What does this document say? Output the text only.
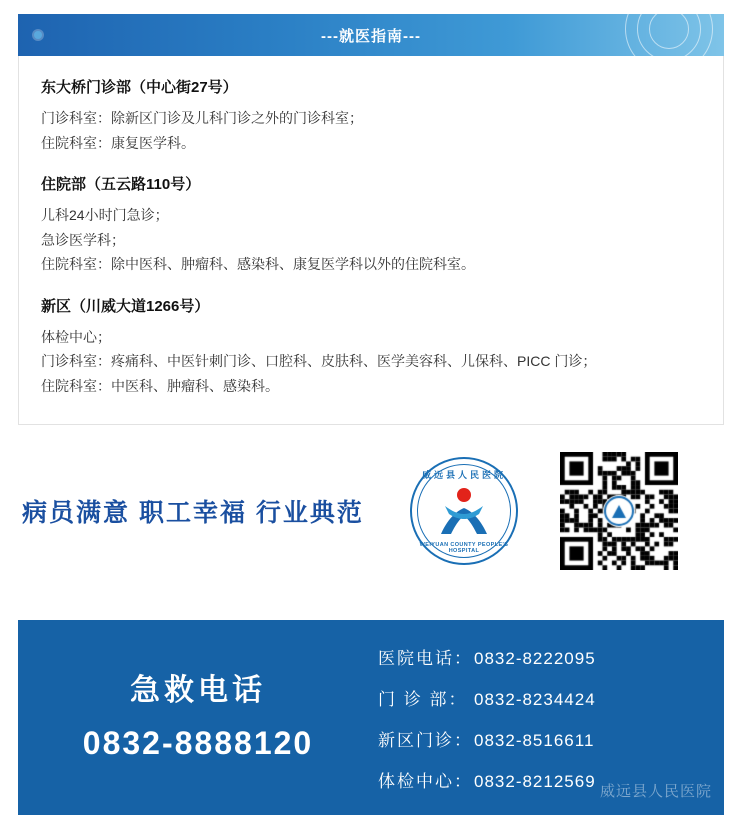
---就医指南---
东大桥门诊部（中心街27号）
门诊科室：除新区门诊及儿科门诊之外的门诊科室；
住院科室：康复医学科。
住院部（五云路110号）
儿科24小时门急诊；
急诊医学科；
住院科室：除中医科、肿瘤科、感染科、康复医学科以外的住院科室。
新区（川威大道1266号）
体检中心；
门诊科室：疼痛科、中医针刺门诊、口腔科、皮肤科、医学美容科、儿保科、PICC 门诊；
住院科室：中医科、肿瘤科、感染科。
病员满意 职工幸福 行业典范
威远县人民医院
WEIYUAN COUNTY PEOPLE'S HOSPITAL
急救电话
0832-8888120
医院电话： 0832-8222095
门 诊 部： 0832-8234424
新区门诊： 0832-8516611
体检中心： 0832-8212569
威远县人民医院
